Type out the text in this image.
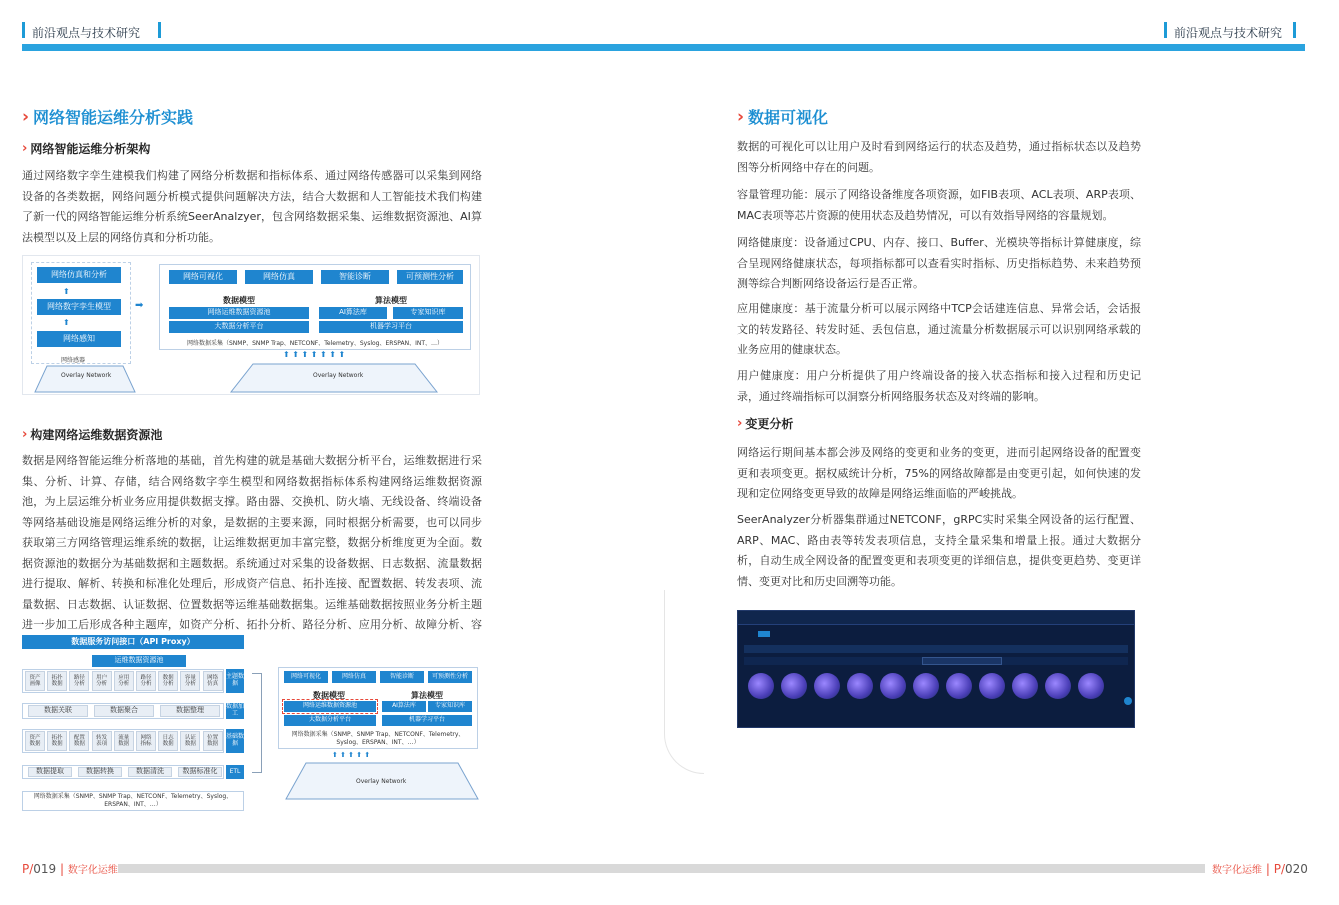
前沿观点与技术研究	前沿观点与技术研究
› 网络智能运维分析实践
› 网络智能运维分析架构
通过网络数字孪生建模我们构建了网络分析数据和指标体系、通过网络传感器可以采集到网络设备的各类数据，网络问题分析模式提供问题解决方法，结合大数据和人工智能技术我们构建了新一代的网络智能运维分析系统SeerAnalzyer，包含网络数据采集、运维数据资源池、AI算法模型以及上层的网络仿真和分析功能。
网络仿真和分析
网络数字孪生模型
网络感知
⬆
⬆
网络感器
Overlay Network
➡
网络可视化	网络仿真	智能诊断	可预测性分析
数据模型
网络运维数据资源池
大数据分析平台
算法模型
AI算法库	专家知识库
机器学习平台
网络数据采集（SNMP、SNMP Trap、NETCONF、Telemetry、Syslog、ERSPAN、INT、…）
⬆ ⬆ ⬆ ⬆ ⬆ ⬆ ⬆
Overlay Network
› 构建网络运维数据资源池
数据是网络智能运维分析落地的基础，首先构建的就是基础大数据分析平台，运维数据进行采集、分析、计算、存储，结合网络数字孪生模型和网络数据指标体系构建网络运维数据资源池，为上层运维分析业务应用提供数据支撑。路由器、交换机、防火墙、无线设备、终端设备等网络基础设施是网络运维分析的对象，是数据的主要来源，同时根据分析需要，也可以同步获取第三方网络管理运维系统的数据，让运维数据更加丰富完整，数据分析维度更为全面。数据资源池的数据分为基础数据和主题数据。系统通过对采集的设备数据、日志数据、流量数据进行提取、解析、转换和标准化处理后，形成资产信息、拓扑连接、配置数据、转发表项、流量数据、日志数据、认证数据、位置数据等运维基础数据集。运维基础数据按照业务分析主题进一步加工后形成各种主题库，如资产分析、拓扑分析、路径分析、应用分析、故障分析、容
数据服务访问接口（API Proxy）
运维数据资源池
资产画像
拓扑数据
路径分析
用户分析
应用分析
路径分析
数据分析
容量分析
网络仿真
主题数据
数据关联	数据聚合	数据整理	数据加工
资产数据
拓扑数据
配置数据
转发表项
流量数据
网络指标
日志数据
认证数据
位置数据
基础数据
数据提取	数据转换	数据清洗	数据标准化	ETL
网络数据采集（SNMP、SNMP Trap、NETCONF、Telemetry、Syslog、ERSPAN、INT、…）
网络可视化	网络仿真	智能诊断	可预测性分析
数据模型
网络运维数据资源池
大数据分析平台
算法模型
AI算法库	专家知识库
机器学习平台
网络数据采集（SNMP、SNMP Trap、NETCONF、Telemetry、Syslog、ERSPAN、INT、…）
⬆ ⬆ ⬆ ⬆ ⬆
Overlay Network
› 数据可视化
数据的可视化可以让用户及时看到网络运行的状态及趋势，通过指标状态以及趋势图等分析网络中存在的问题。
容量管理功能：展示了网络设备维度各项资源，如FIB表项、ACL表项、ARP表项、MAC表项等芯片资源的使用状态及趋势情况，可以有效指导网络的容量规划。
网络健康度：设备通过CPU、内存、接口、Buffer、光模块等指标计算健康度，综合呈现网络健康状态，每项指标都可以查看实时指标、历史指标趋势、未来趋势预测等综合判断网络设备运行是否正常。
应用健康度：基于流量分析可以展示网络中TCP会话建连信息、异常会话，会话报文的转发路径、转发时延、丢包信息，通过流量分析数据展示可以识别网络承载的业务应用的健康状态。
用户健康度：用户分析提供了用户终端设备的接入状态指标和接入过程和历史记录，通过终端指标可以洞察分析网络服务状态及对终端的影响。
› 变更分析
网络运行期间基本都会涉及网络的变更和业务的变更，进而引起网络设备的配置变更和表项变更。据权威统计分析，75%的网络故障都是由变更引起，如何快速的发现和定位网络变更导致的故障是网络运维面临的严峻挑战。
SeerAnalyzer分析器集群通过NETCONF，gRPC实时采集全网设备的运行配置、ARP、MAC、路由表等转发表项信息，支持全量采集和增量上报。通过大数据分析，自动生成全网设备的配置变更和表项变更的详细信息，提供变更趋势、变更详情、变更对比和历史回溯等功能。
P/019 | 数字化运维	数字化运维 | P/020
